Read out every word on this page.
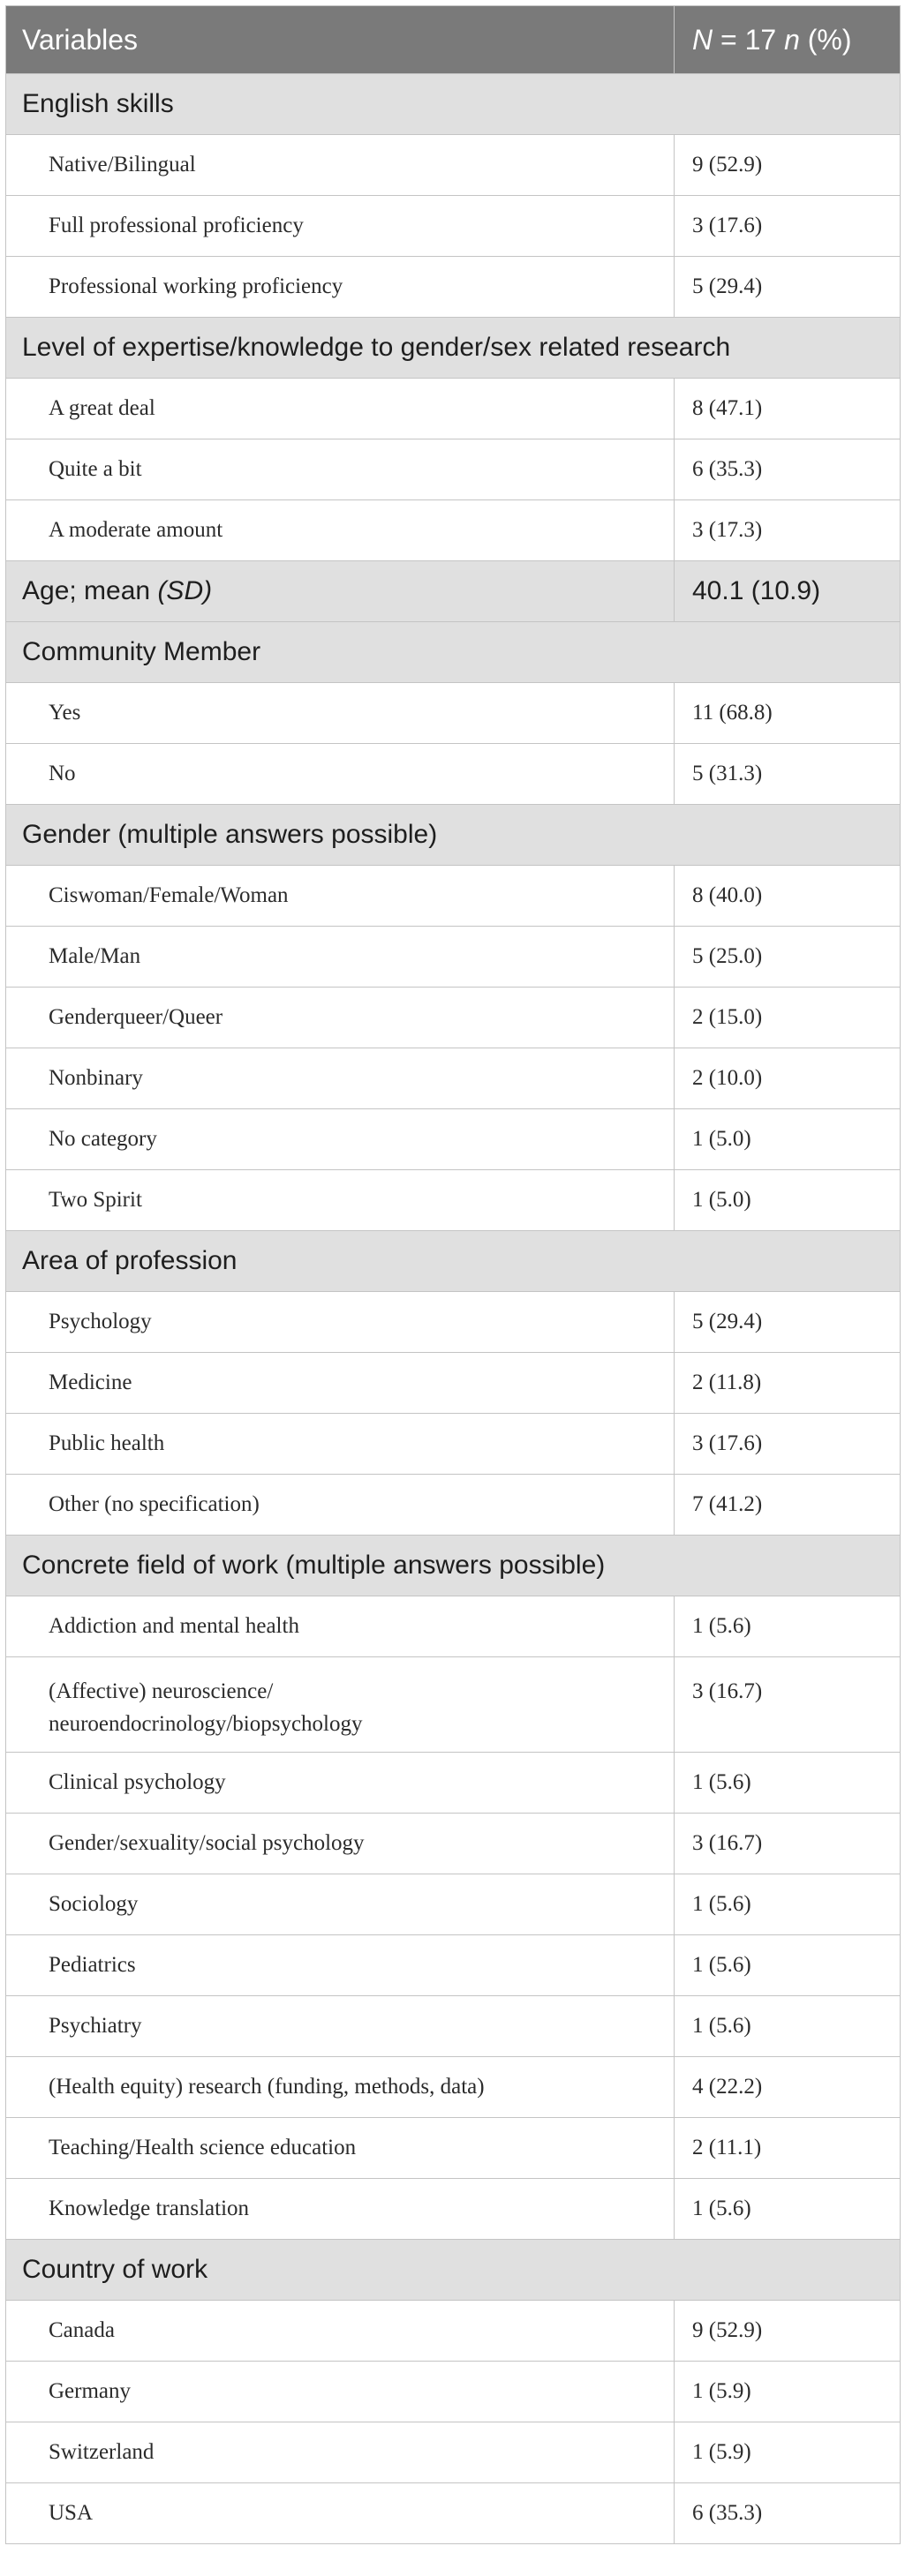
Variables	N = 17 n (%)
English skills	
Native/Bilingual	9 (52.9)
Full professional proficiency	3 (17.6)
Professional working proficiency	5 (29.4)
Level of expertise/knowledge to gender/sex related research	
A great deal	8 (47.1)
Quite a bit	6 (35.3)
A moderate amount	3 (17.3)
Age; mean (SD)	40.1 (10.9)
Community Member	
Yes	11 (68.8)
No	5 (31.3)
Gender (multiple answers possible)	
Ciswoman/Female/Woman	8 (40.0)
Male/Man	5 (25.0)
Genderqueer/Queer	2 (15.0)
Nonbinary	2 (10.0)
No category	1 (5.0)
Two Spirit	1 (5.0)
Area of profession	
Psychology	5 (29.4)
Medicine	2 (11.8)
Public health	3 (17.6)
Other (no specification)	7 (41.2)
Concrete field of work (multiple answers possible)	
Addiction and mental health	1 (5.6)
(Affective) neuroscience/
neuroendocrinology/biopsychology	3 (16.7)
Clinical psychology	1 (5.6)
Gender/sexuality/social psychology	3 (16.7)
Sociology	1 (5.6)
Pediatrics	1 (5.6)
Psychiatry	1 (5.6)
(Health equity) research (funding, methods, data)	4 (22.2)
Teaching/Health science education	2 (11.1)
Knowledge translation	1 (5.6)
Country of work	
Canada	9 (52.9)
Germany	1 (5.9)
Switzerland	1 (5.9)
USA	6 (35.3)
